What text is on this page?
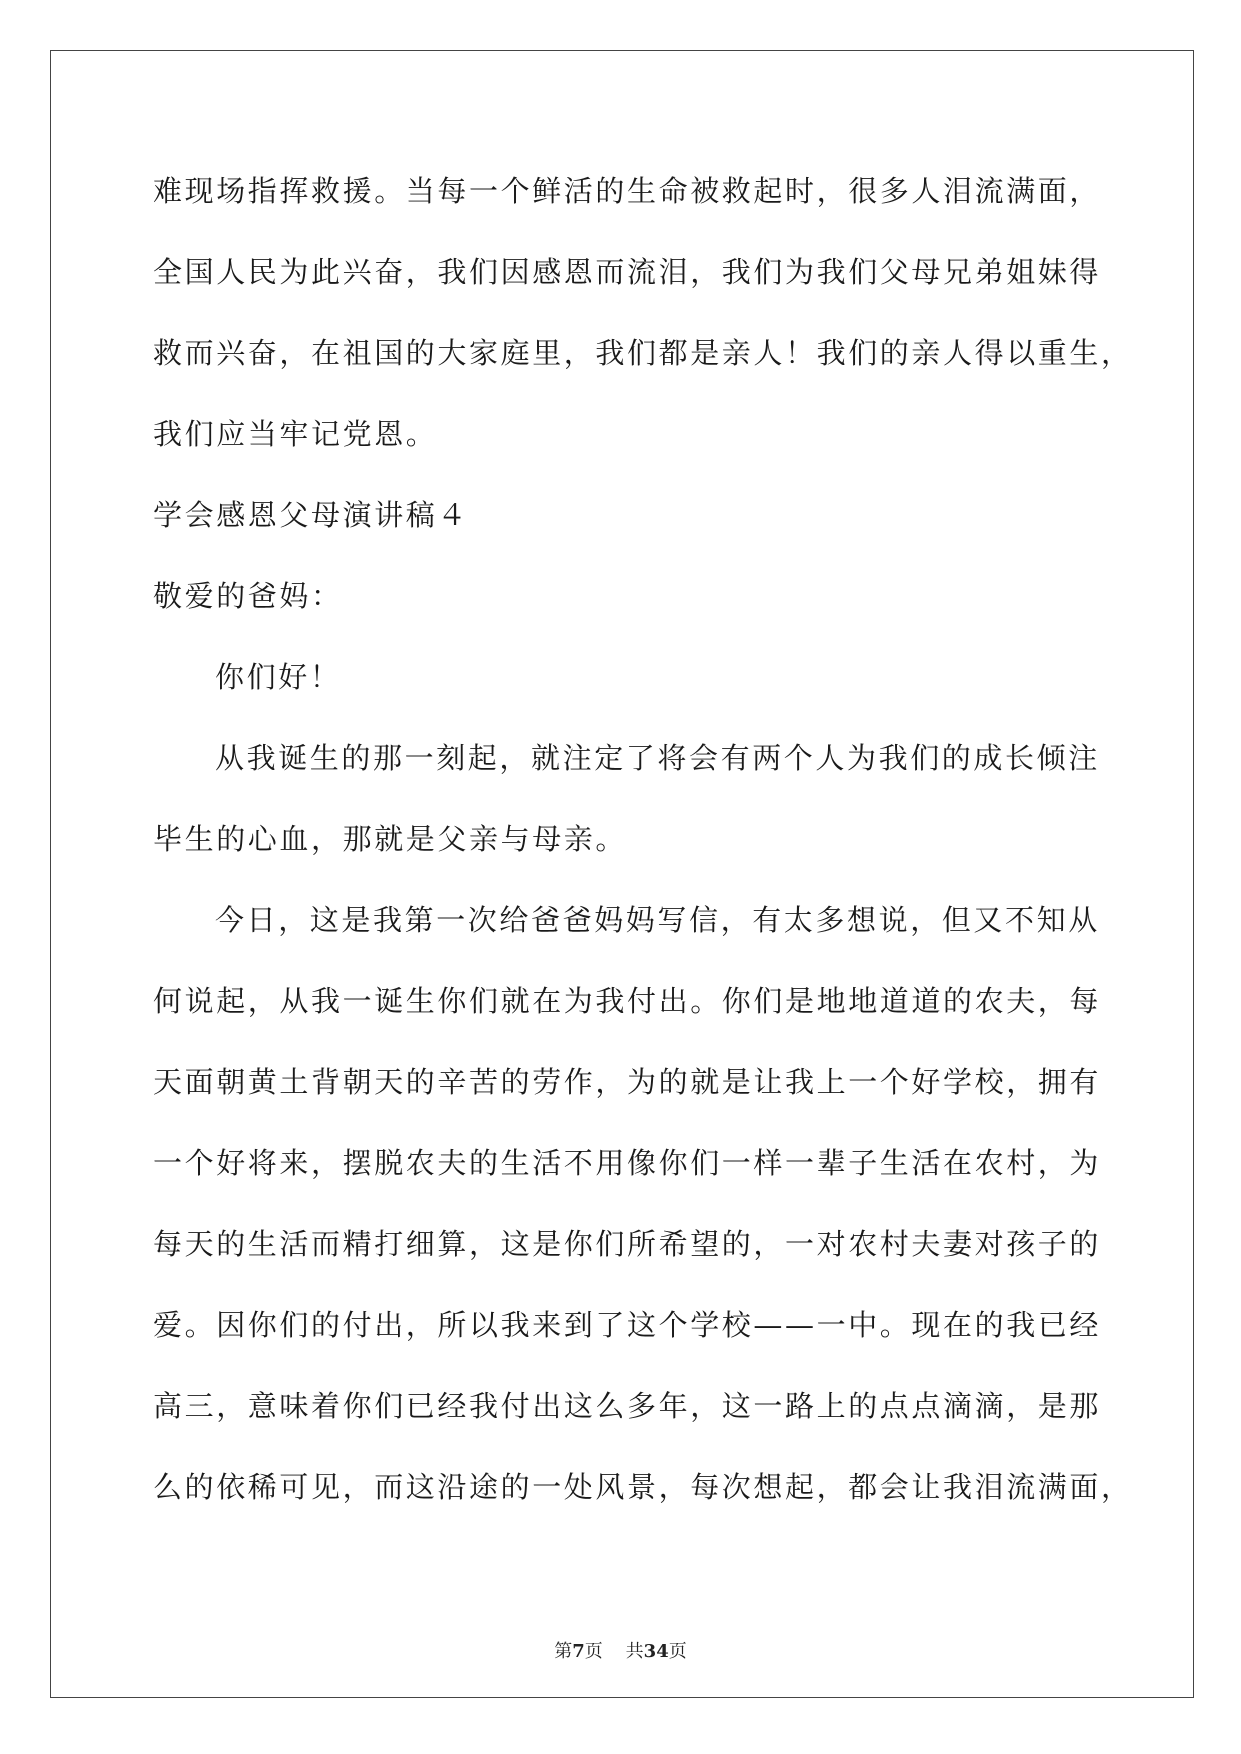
难现场指挥救援。当每一个鲜活的生命被救起时，很多人泪流满面，
全国人民为此兴奋，我们因感恩而流泪，我们为我们父母兄弟姐妹得
救而兴奋，在祖国的大家庭里，我们都是亲人！我们的亲人得以重生，
我们应当牢记党恩。
学会感恩父母演讲稿４
敬爱的爸妈：
你们好！
从我诞生的那一刻起，就注定了将会有两个人为我们的成长倾注
毕生的心血，那就是父亲与母亲。
今日，这是我第一次给爸爸妈妈写信，有太多想说，但又不知从
何说起，从我一诞生你们就在为我付出。你们是地地道道的农夫，每
天面朝黄土背朝天的辛苦的劳作，为的就是让我上一个好学校，拥有
一个好将来，摆脱农夫的生活不用像你们一样一辈子生活在农村，为
每天的生活而精打细算，这是你们所希望的，一对农村夫妻对孩子的
爱。因你们的付出，所以我来到了这个学校——一中。现在的我已经
高三，意味着你们已经我付出这么多年，这一路上的点点滴滴，是那
么的依稀可见，而这沿途的一处风景，每次想起，都会让我泪流满面，
第7页 共34页
